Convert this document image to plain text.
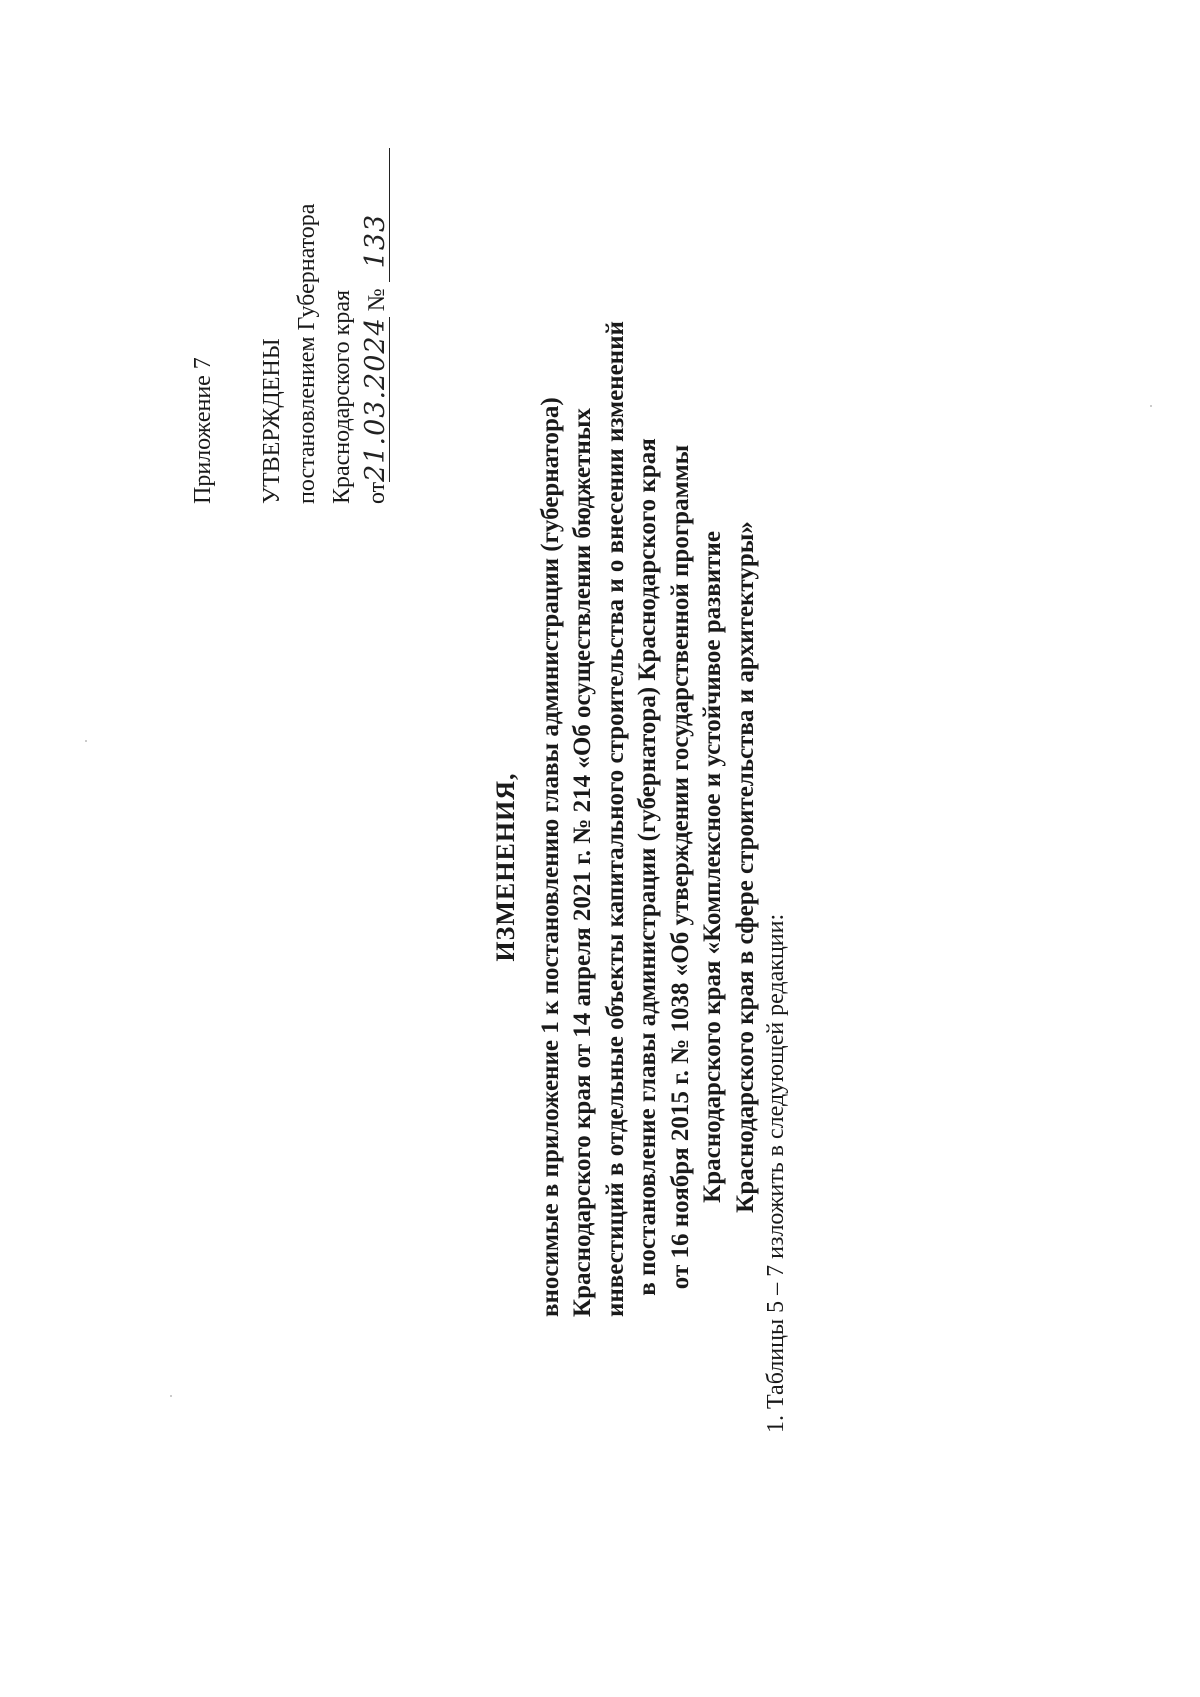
Приложение 7 УТВЕРЖДЕНЫ постановлением Губернатора Краснодарского края от21.03.2024 № 133
ИЗМЕНЕНИЯ, вносимые в приложение 1 к постановлению главы администрации (губернатора) Краснодарского края от 14 апреля 2021 г. № 214 «Об осуществлении бюджетных инвестиций в отдельные объекты капитального строительства и о внесении изменений в постановление главы администрации (губернатора) Краснодарского края от 16 ноября 2015 г. № 1038 «Об утверждении государственной программы Краснодарского края «Комплексное и устойчивое развитие Краснодарского края в сфере строительства и архитектуры» 1. Таблицы 5 – 7 изложить в следующей редакции:
